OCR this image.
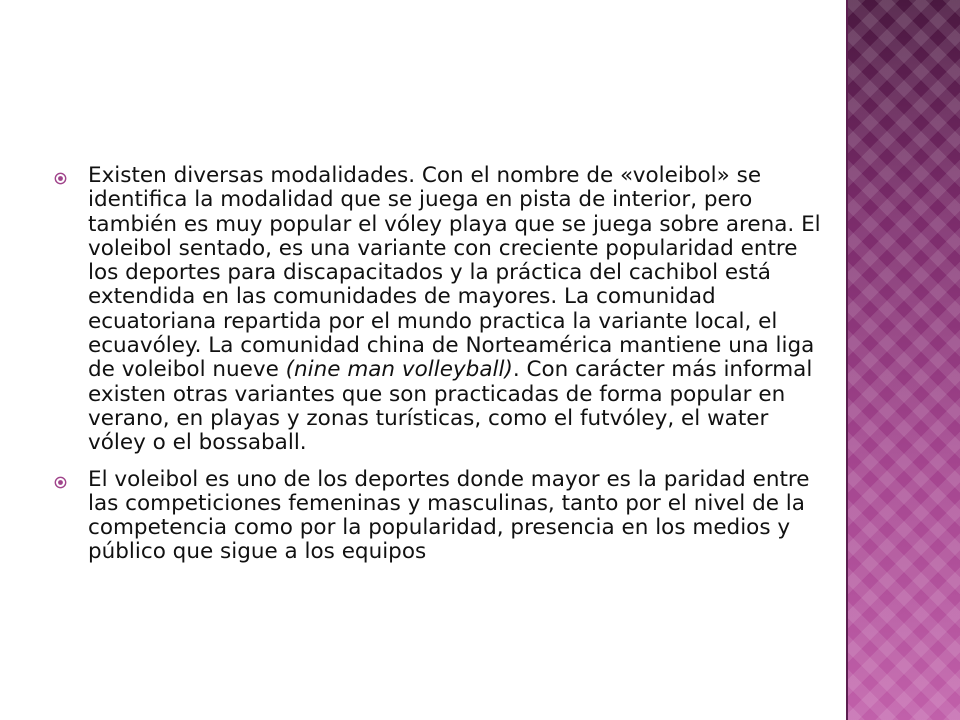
Existen diversas modalidades. Con el nombre de «voleibol» se identifica la modalidad que se juega en pista de interior, pero también es muy popular el vóley playa que se juega sobre arena. El voleibol sentado, es una variante con creciente popularidad entre los deportes para discapacitados y la práctica del cachibol está extendida en las comunidades de mayores. La comunidad ecuatoriana repartida por el mundo practica la variante local, el ecuavóley. La comunidad china de Norteamérica mantiene una liga de voleibol nueve (nine man volleyball). Con carácter más informal existen otras variantes que son practicadas de forma popular en verano, en playas y zonas turísticas, como el futvóley, el water vóley o el bossaball.
El voleibol es uno de los deportes donde mayor es la paridad entre las competiciones femeninas y masculinas, tanto por el nivel de la competencia como por la popularidad, presencia en los medios y público que sigue a los equipos
